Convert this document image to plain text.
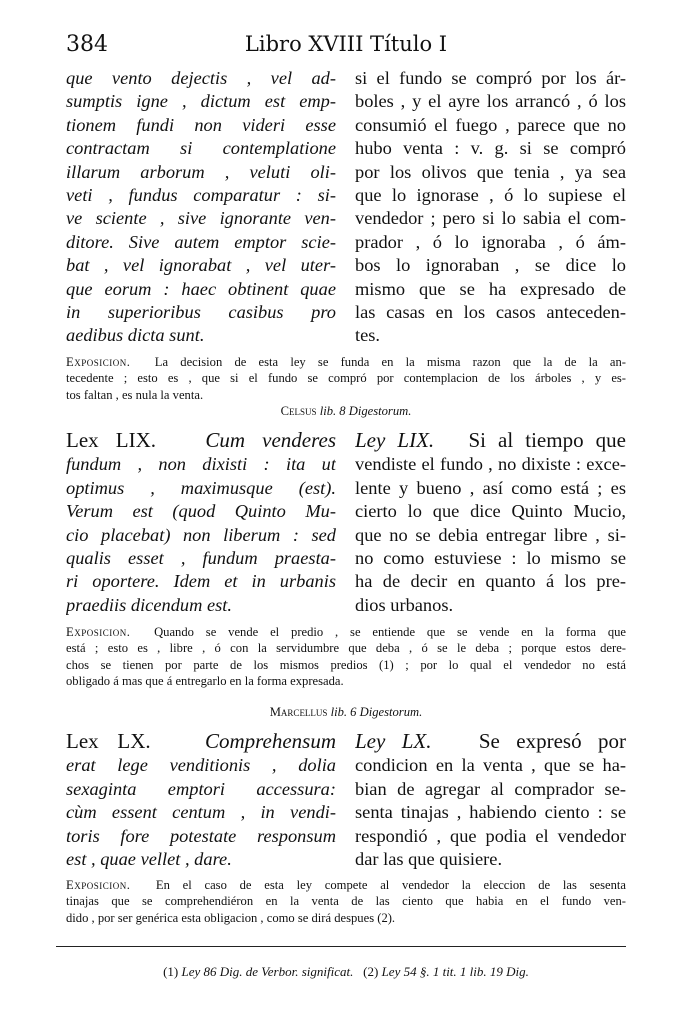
384	Libro XVIII Título I
que vento dejectis , vel ad-
sumptis igne , dictum est emp-
tionem fundi non videri esse
contractam si contemplatione
illarum arborum , veluti oli-
veti , fundus comparatur : si-
ve sciente , sive ignorante ven-
ditore. Sive autem emptor scie-
bat , vel ignorabat , vel uter-
que eorum : haec obtinent quae
in superioribus casibus pro
aedibus dicta sunt.
si el fundo se compró por los ár-
boles , y el ayre los arrancó , ó los
consumió el fuego , parece que no
hubo venta : v. g. si se compró
por los olivos que tenia , ya sea
que lo ignorase , ó lo supiese el
vendedor ; pero si lo sabia el com-
prador , ó lo ignoraba , ó ám-
bos lo ignoraban , se dice lo
mismo que se ha expresado de
las casas en los casos anteceden-
tes.
Exposicion. La decision de esta ley se funda en la misma razon que la de la an-
tecedente ; esto es , que si el fundo se compró por contemplacion de los árboles , y es-
tos faltan , es nula la venta.
Celsus lib. 8 Digestorum.
Lex LIX. Cum venderes
fundum , non dixisti : ita ut
optimus , maximusque (est).
Verum est (quod Quinto Mu-
cio placebat) non liberum : sed
qualis esset , fundum praesta-
ri oportere. Idem et in urbanis
praediis dicendum est.
Ley LIX. Si al tiempo que
vendiste el fundo , no dixiste : exce-
lente y bueno , así como está ; es
cierto lo que dice Quinto Mucio,
que no se debia entregar libre , si-
no como estuviese : lo mismo se
ha de decir en quanto á los pre-
dios urbanos.
Exposicion. Quando se vende el predio , se entiende que se vende en la forma que
está ; esto es , libre , ó con la servidumbre que deba , ó se le deba ; porque estos dere-
chos se tienen por parte de los mismos predios (1) ; por lo qual el vendedor no está
obligado á mas que á entregarlo en la forma expresada.
Marcellus lib. 6 Digestorum.
Lex LX.	Comprehensum
erat lege venditionis , dolia
sexaginta emptori accessura:
cùm essent centum , in vendi-
toris fore potestate responsum
est , quae vellet , dare.
Ley LX. Se expresó por
condicion en la venta , que se ha-
bian de agregar al comprador se-
senta tinajas , habiendo ciento : se
respondió , que podia el vendedor
dar las que quisiere.
Exposicion. En el caso de esta ley compete al vendedor la eleccion de las sesenta
tinajas que se comprehendiéron en la venta de las ciento que habia en el fundo ven-
dido , por ser genérica esta obligacion , como se dirá despues (2).
(1) Ley 86 Dig. de Verbor. significat. (2) Ley 54 §. 1 tit. 1 lib. 19 Dig.
